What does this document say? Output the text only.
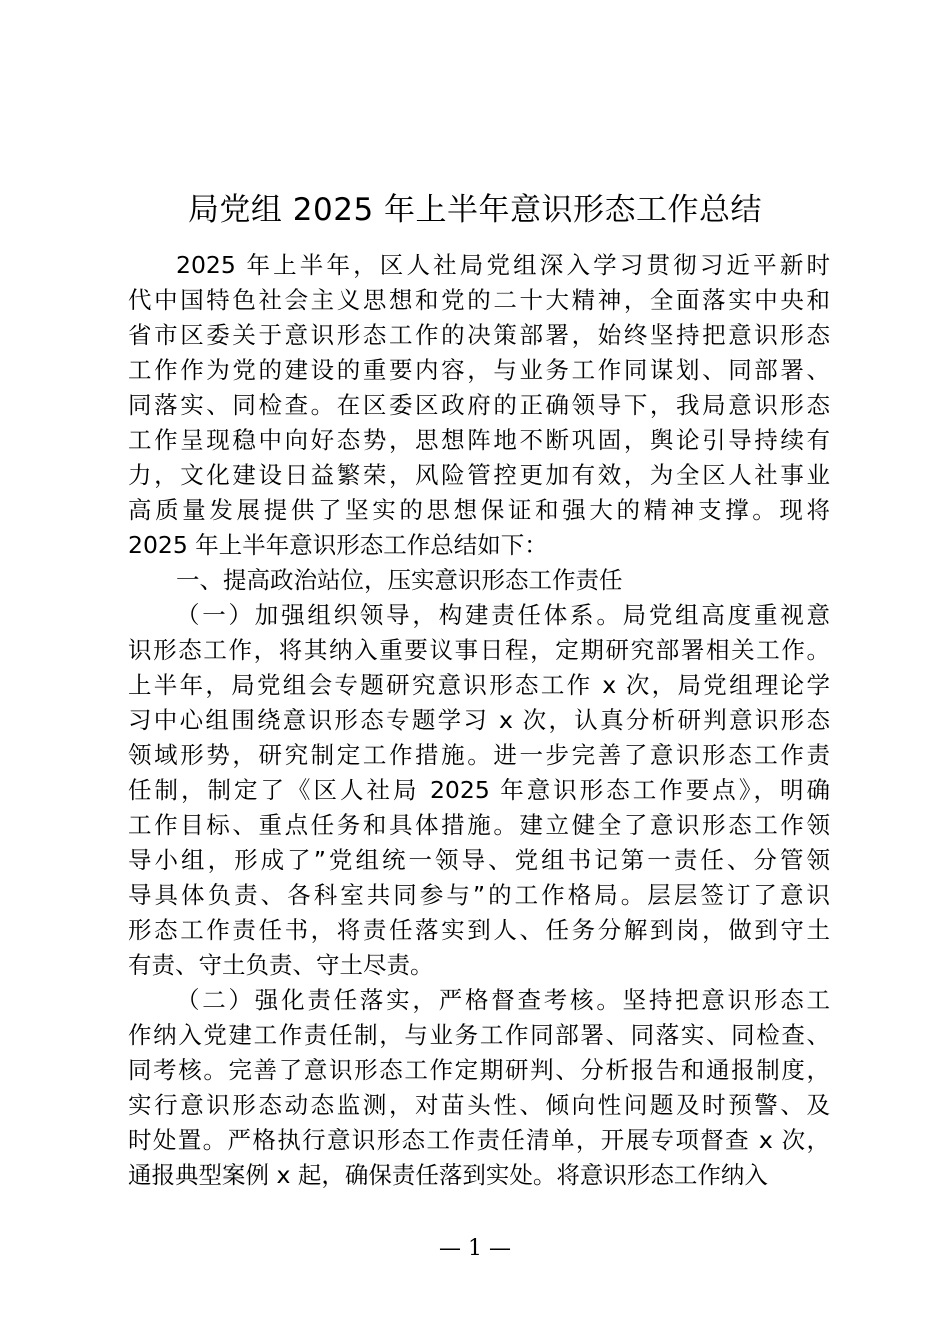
局党组 2025 年上半年意识形态工作总结
2025 年上半年，区人社局党组深入学习贯彻习近平新时
代中国特色社会主义思想和党的二十大精神，全面落实中央和
省市区委关于意识形态工作的决策部署，始终坚持把意识形态
工作作为党的建设的重要内容，与业务工作同谋划、同部署、
同落实、同检查。在区委区政府的正确领导下，我局意识形态
工作呈现稳中向好态势，思想阵地不断巩固，舆论引导持续有
力，文化建设日益繁荣，风险管控更加有效，为全区人社事业
高质量发展提供了坚实的思想保证和强大的精神支撑。现将
2025 年上半年意识形态工作总结如下：
一、提高政治站位，压实意识形态工作责任
（一）加强组织领导，构建责任体系。局党组高度重视意
识形态工作，将其纳入重要议事日程，定期研究部署相关工作。
上半年，局党组会专题研究意识形态工作 x 次，局党组理论学
习中心组围绕意识形态专题学习 x 次，认真分析研判意识形态
领域形势，研究制定工作措施。进一步完善了意识形态工作责
任制，制定了《区人社局 2025 年意识形态工作要点》，明确
工作目标、重点任务和具体措施。建立健全了意识形态工作领
导小组，形成了”党组统一领导、党组书记第一责任、分管领
导具体负责、各科室共同参与”的工作格局。层层签订了意识
形态工作责任书，将责任落实到人、任务分解到岗，做到守土
有责、守土负责、守土尽责。
（二）强化责任落实，严格督查考核。坚持把意识形态工
作纳入党建工作责任制，与业务工作同部署、同落实、同检查、
同考核。完善了意识形态工作定期研判、分析报告和通报制度，
实行意识形态动态监测，对苗头性、倾向性问题及时预警、及
时处置。严格执行意识形态工作责任清单，开展专项督查 x 次，
通报典型案例 x 起，确保责任落到实处。将意识形态工作纳入
— 1 —
